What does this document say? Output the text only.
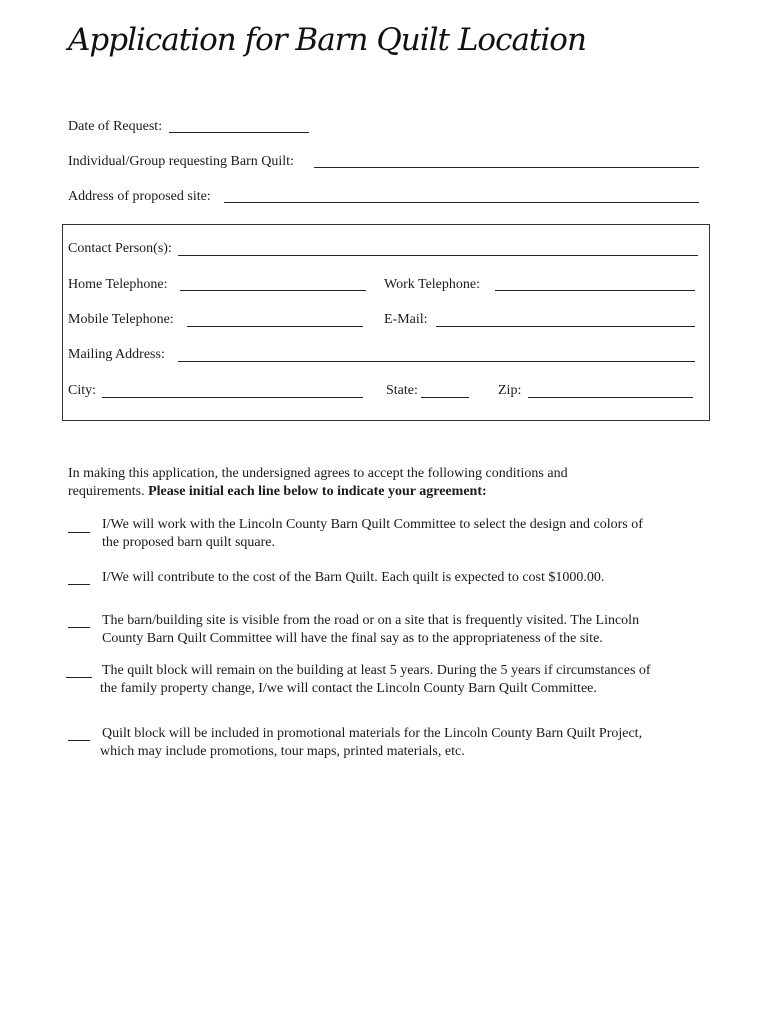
Application for Barn Quilt Location
Date of Request:
Individual/Group requesting Barn Quilt:
Address of proposed site:
Contact Person(s):
Home Telephone:	Work Telephone:
Mobile Telephone:	E-Mail:
Mailing Address:
City:	State:	Zip:
In making this application, the undersigned agrees to accept the following conditions and
requirements. Please initial each line below to indicate your agreement:
I/We will work with the Lincoln County Barn Quilt Committee to select the design and colors of
the proposed barn quilt square.
I/We will contribute to the cost of the Barn Quilt. Each quilt is expected to cost $1000.00.
The barn/building site is visible from the road or on a site that is frequently visited. The Lincoln
County Barn Quilt Committee will have the final say as to the appropriateness of the site.
The quilt block will remain on the building at least 5 years. During the 5 years if circumstances of
the family property change, I/we will contact the Lincoln County Barn Quilt Committee.
Quilt block will be included in promotional materials for the Lincoln County Barn Quilt Project,
which may include promotions, tour maps, printed materials, etc.
